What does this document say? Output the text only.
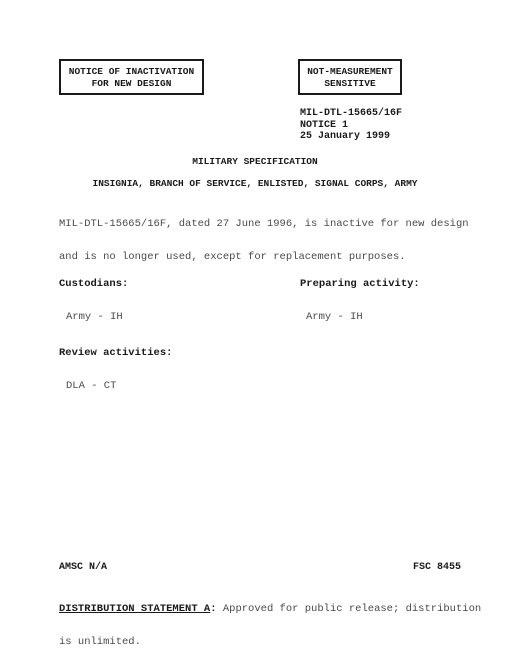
NOTICE OF INACTIVATION
FOR NEW DESIGN
NOT-MEASUREMENT
SENSITIVE
MIL-DTL-15665/16F
NOTICE 1
25 January 1999
MILITARY SPECIFICATION
INSIGNIA, BRANCH OF SERVICE, ENLISTED, SIGNAL CORPS, ARMY

MIL-DTL-15665/16F, dated 27 June 1996, is inactive for new design

and is no longer used, except for replacement purposes.

Custodians:

Army - IH

Preparing activity:

Army - IH

Review activities:

DLA - CT

AMSC N/A	FSC 8455

DISTRIBUTION STATEMENT A: Approved for public release; distribution

is unlimited.
